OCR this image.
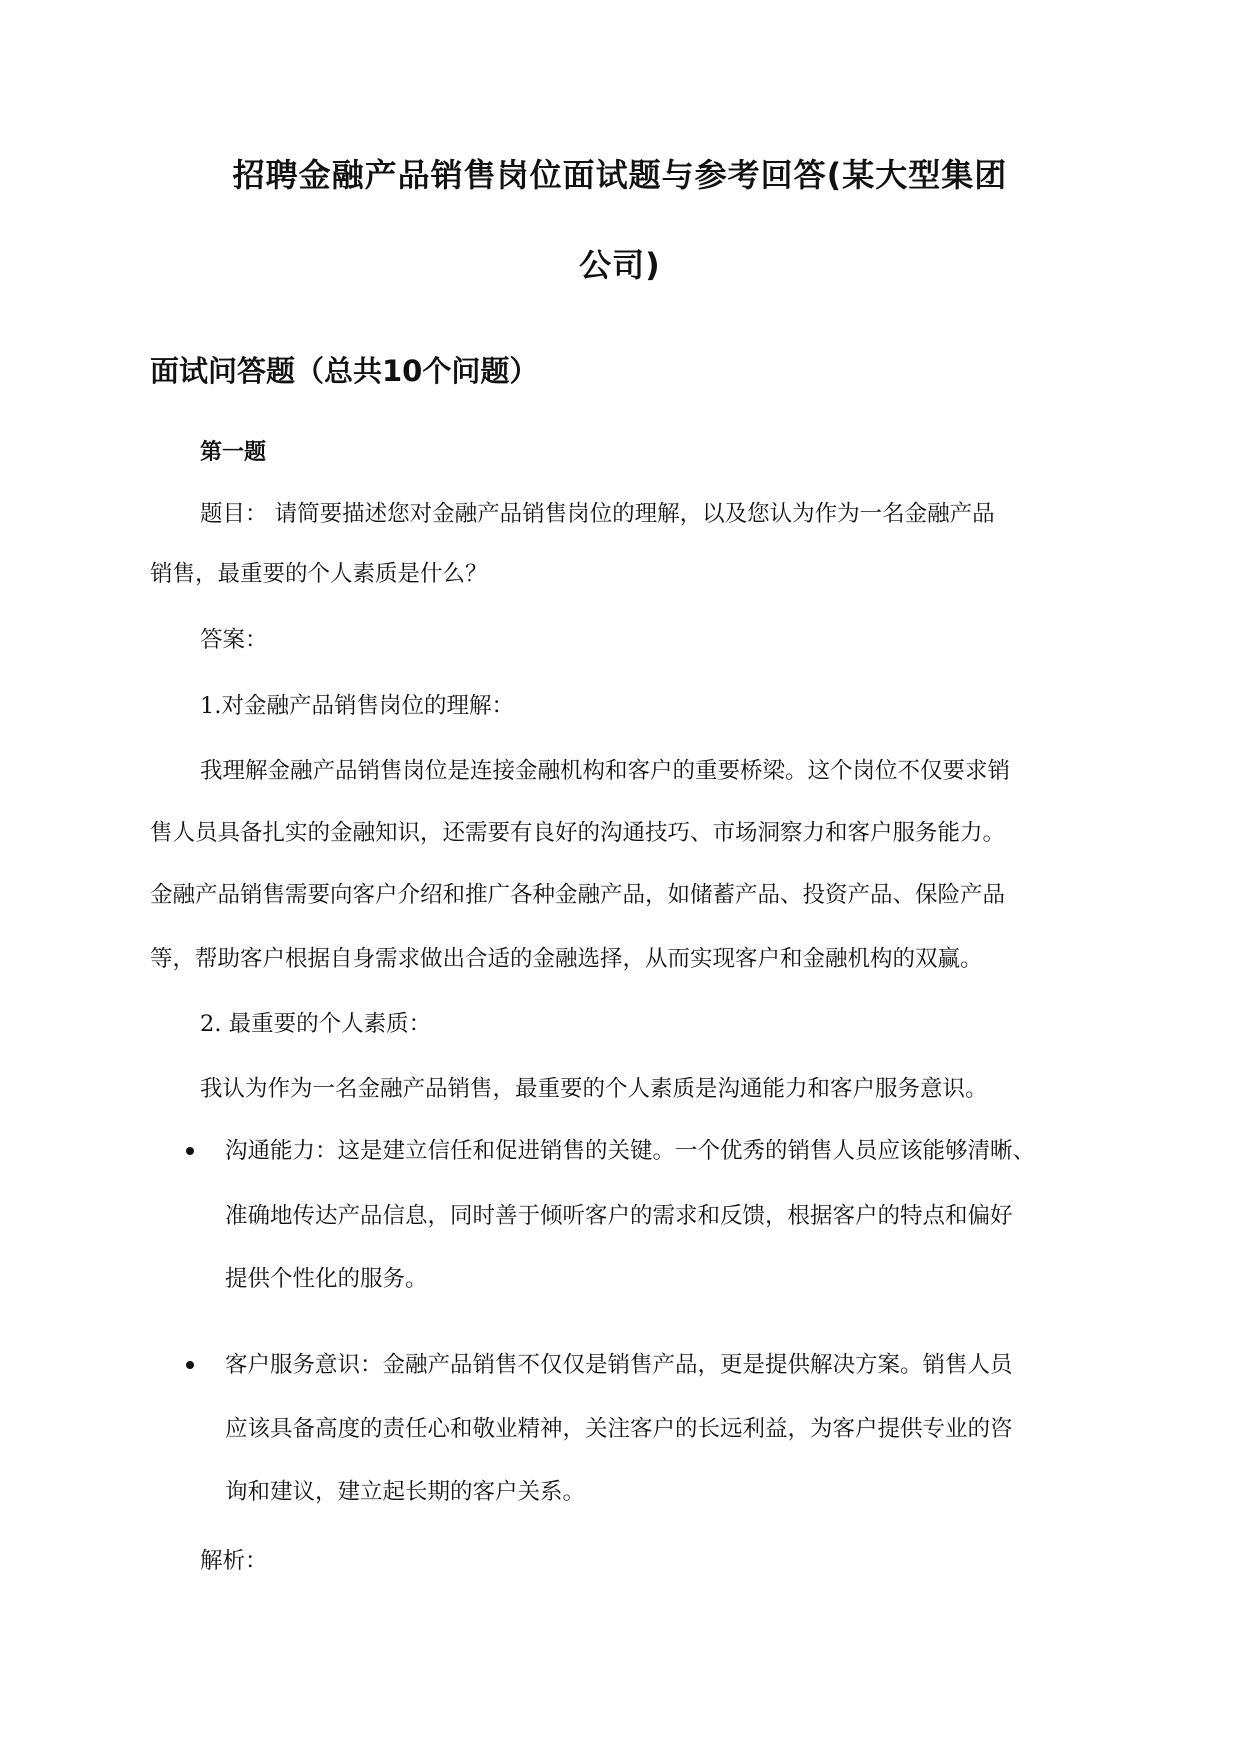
招聘金融产品销售岗位面试题与参考回答(某大型集团
公司)
面试问答题（总共10个问题）
第一题

题目： 请简要描述您对金融产品销售岗位的理解，以及您认为作为一名金融产品

销售，最重要的个人素质是什么？

答案：

1.对金融产品销售岗位的理解：

我理解金融产品销售岗位是连接金融机构和客户的重要桥梁。这个岗位不仅要求销

售人员具备扎实的金融知识，还需要有良好的沟通技巧、市场洞察力和客户服务能力。

金融产品销售需要向客户介绍和推广各种金融产品，如储蓄产品、投资产品、保险产品

等，帮助客户根据自身需求做出合适的金融选择，从而实现客户和金融机构的双赢。

2. 最重要的个人素质：

我认为作为一名金融产品销售，最重要的个人素质是沟通能力和客户服务意识。

沟通能力：这是建立信任和促进销售的关键。一个优秀的销售人员应该能够清晰、

准确地传达产品信息，同时善于倾听客户的需求和反馈，根据客户的特点和偏好

提供个性化的服务。

客户服务意识：金融产品销售不仅仅是销售产品，更是提供解决方案。销售人员

应该具备高度的责任心和敬业精神，关注客户的长远利益，为客户提供专业的咨

询和建议，建立起长期的客户关系。

解析：
